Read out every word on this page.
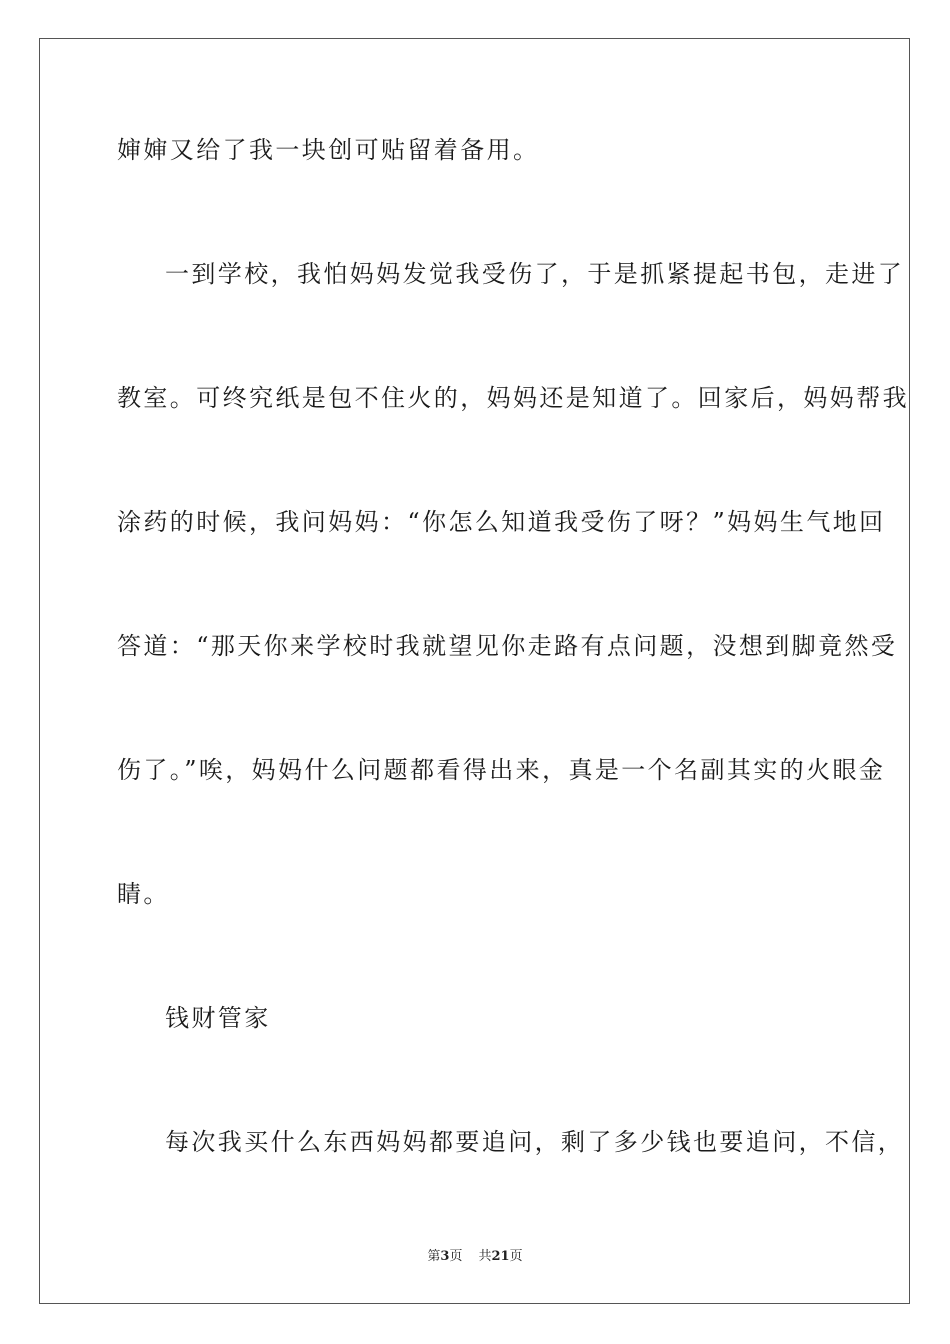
婶婶又给了我一块创可贴留着备用。
一到学校，我怕妈妈发觉我受伤了，于是抓紧提起书包，走进了
教室。可终究纸是包不住火的，妈妈还是知道了。回家后，妈妈帮我
涂药的时候，我问妈妈：“你怎么知道我受伤了呀？”妈妈生气地回
答道：“那天你来学校时我就望见你走路有点问题，没想到脚竟然受
伤了。”唉，妈妈什么问题都看得出来，真是一个名副其实的火眼金
睛。
钱财管家
每次我买什么东西妈妈都要追问，剩了多少钱也要追问，不信，
第3页 共21页
